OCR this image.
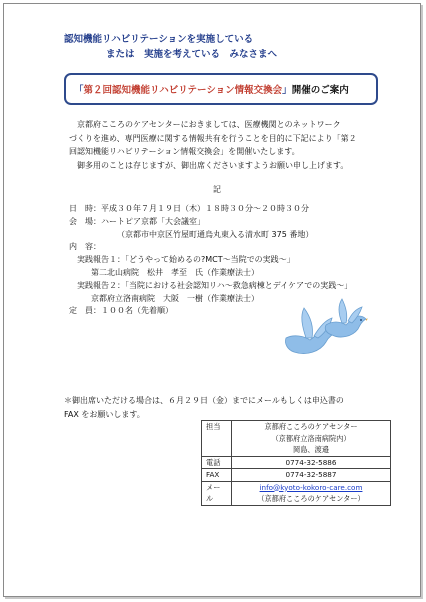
認知機能リハビリテーションを実施している
または　実施を考えている　みなさまへ
「 第２回認知機能リハビリテーション情報交換会 」 開催のご案内

京都府こころのケアセンターにおきましては、医療機関とのネットワーク

づくりを進め、専門医療に関する情報共有を行うことを目的に下記により「第２
回認知機能リハビリテーション情報交換会」を開催いたします。

御多用のことは存じますが、御出席くださいますようお願い申し上げます。

記
日　時：平成３０年７月１９日（木）１８時３０分～２０時３０分
会　場：ハートピア京都「大会議室」
（京都市中京区竹屋町通烏丸東入る清水町 375 番地）
内　容：
実践報告１：「どうやって始めるの?MCT～当院での実践～」
第二北山病院　松井　孝至　氏（作業療法士）
実践報告２：「当院における社会認知リハ～救急病棟とデイケアでの実践～」
京都府立洛南病院　大阪　一樹（作業療法士）
定　員：１００名（先着順）
＊御出席いただける場合は、６月２９日（金）までにメールもしくは申込書の
FAX をお願いします。
担当	京都府こころのケアセンター
（京都府立洛南病院内）
岡島、渡邉

電話	0774-32-5886
FAX	0774-32-5887
メール	info@kyoto-kokoro-care.com
（京都府こころのケアセンター）
